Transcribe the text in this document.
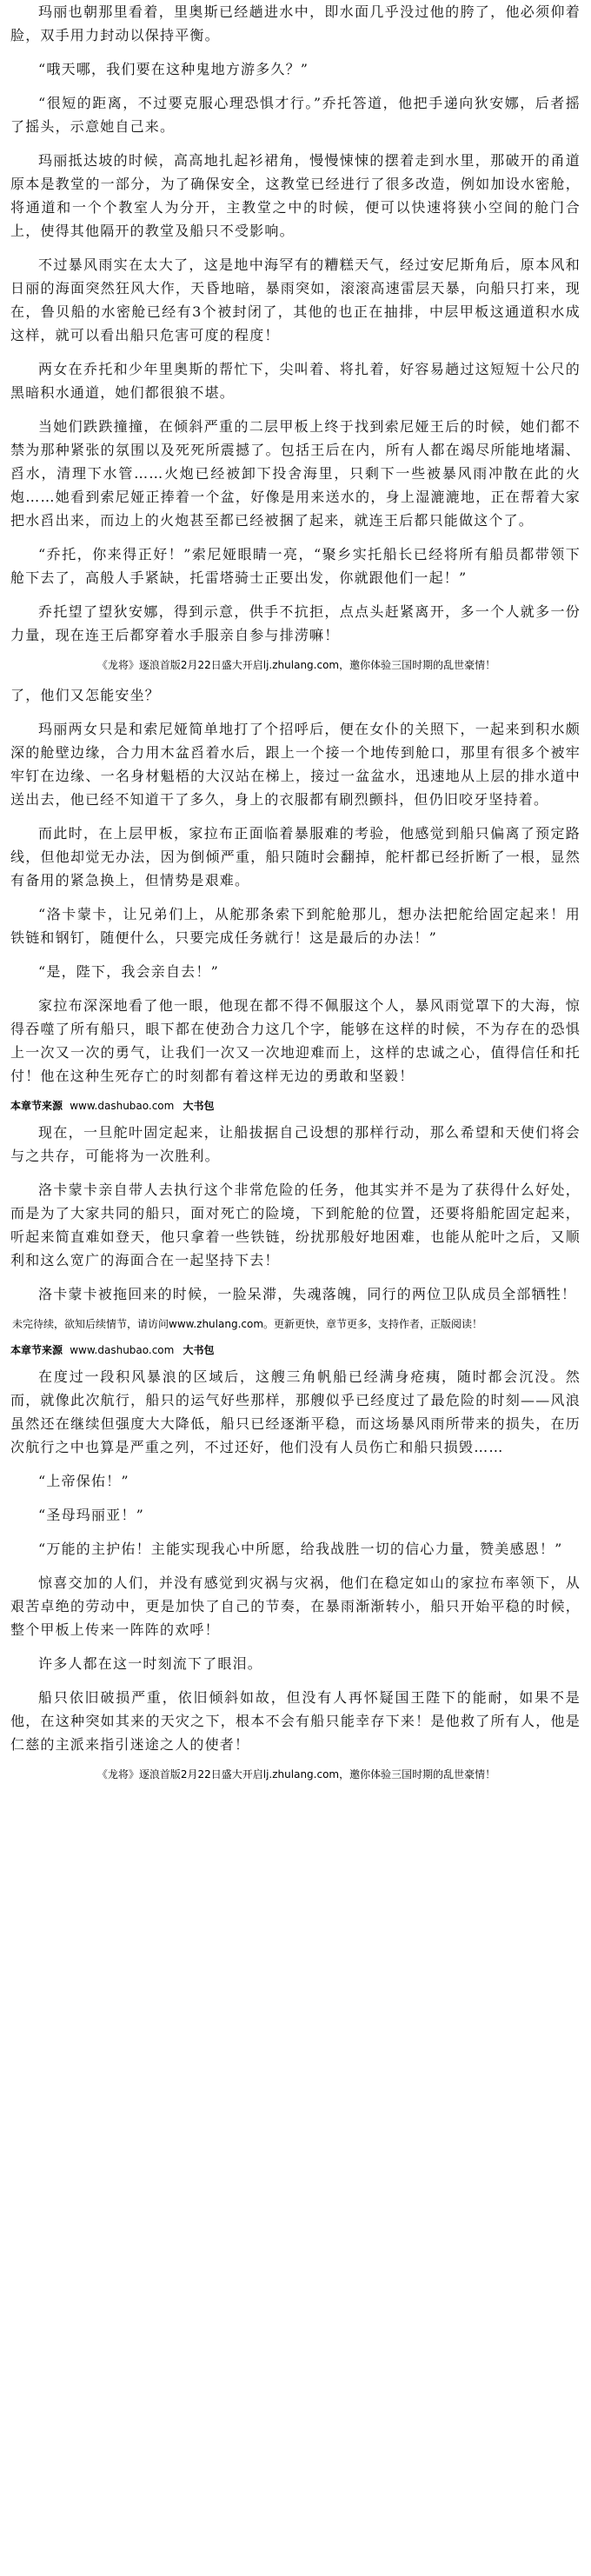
玛丽也朝那里看着，里奥斯已经趟进水中，即水面几乎没过他的胯了，他必须仰着脸，双手用力封动以保持平衡。

“哦天哪，我们要在这种鬼地方游多久？”

“很短的距离，不过要克服心理恐惧才行。”乔托答道，他把手递向狄安娜，后者摇了摇头，示意她自己来。

玛丽抵达坡的时候，高高地扎起衫裙角，慢慢悚悚的摆着走到水里，那破开的甬道原本是教堂的一部分，为了确保安全，这教堂已经进行了很多改造，例如加设水密舱，将通道和一个个教室人为分开，主教堂之中的时候，便可以快速将狭小空间的舱门合上，使得其他隔开的教堂及船只不受影响。

不过暴风雨实在太大了，这是地中海罕有的糟糕天气，经过安尼斯角后，原本风和日丽的海面突然狂风大作，天昏地暗，暴雨突如，滚滚高速雷层天暴，向船只打来，现在，鲁贝船的水密舱已经有3个被封闭了，其他的也正在抽排，中层甲板这通道积水成这样，就可以看出船只危害可度的程度！

两女在乔托和少年里奥斯的帮忙下，尖叫着、将扎着，好容易趟过这短短十公尺的黑暗积水通道，她们都很狼不堪。

当她们跌跌撞撞，在倾斜严重的二层甲板上终于找到索尼娅王后的时候，她们都不禁为那种紧张的氛围以及死死所震撼了。包括王后在内，所有人都在竭尽所能地堵漏、舀水，清理下水管……火炮已经被卸下投舍海里，只剩下一些被暴风雨冲散在此的火炮……她看到索尼娅正捧着一个盆，好像是用来送水的，身上湿漉漉地，正在帮着大家把水舀出来，而边上的火炮甚至都已经被捆了起来，就连王后都只能做这个了。

“乔托，你来得正好！”索尼娅眼睛一亮，“聚乡实托船长已经将所有船员都带领下舱下去了，高般人手紧缺，托雷塔骑士正要出发，你就跟他们一起！”

乔托望了望狄安娜，得到示意，供手不抗拒，点点头赶紧离开，多一个人就多一份力量，现在连王后都穿着水手服亲自参与排涝嘛！

《龙将》逐浪首版2月22日盛大开启lj.zhulang.com，邀你体验三国时期的乱世豪情！

了，他们又怎能安坐？

玛丽两女只是和索尼娅简单地打了个招呼后，便在女仆的关照下，一起来到积水颇深的舱壁边缘，合力用木盆舀着水后，跟上一个接一个地传到舱口，那里有很多个被牢牢钉在边缘、一名身材魁梧的大汉站在梯上，接过一盆盆水，迅速地从上层的排水道中送出去，他已经不知道干了多久，身上的衣服都有刷烈颤抖，但仍旧咬牙坚持着。

而此时，在上层甲板，家拉布正面临着暴服难的考验，他感觉到船只偏离了预定路线，但他却觉无办法，因为倒倾严重，船只随时会翻掉，舵杆都已经折断了一根，显然有备用的紧急换上，但情势是艰难。

“洛卡蒙卡，让兄弟们上，从舵那条索下到舵舱那儿，想办法把舵给固定起来！用铁链和钢钉，随便什么，只要完成任务就行！这是最后的办法！”

“是，陛下，我会亲自去！”

家拉布深深地看了他一眼，他现在都不得不佩服这个人，暴风雨觉罩下的大海，惊得吞噬了所有船只，眼下都在使劲合力这几个字，能够在这样的时候，不为存在的恐惧上一次又一次的勇气，让我们一次又一次地迎难而上，这样的忠诚之心，值得信任和托付！他在这种生死存亡的时刻都有着这样无边的勇敢和坚毅！

本章节来源 www.dashubao.com 大书包

现在，一旦舵叶固定起来，让船拔据自己设想的那样行动，那么希望和天使们将会与之共存，可能将为一次胜利。

洛卡蒙卡亲自带人去执行这个非常危险的任务，他其实并不是为了获得什么好处，而是为了大家共同的船只，面对死亡的险境，下到舵舱的位置，还要将船舵固定起来，听起来简直难如登天，他只拿着一些铁链，纷扰那般好地困难，也能从舵叶之后，又顺利和这么宽广的海面合在一起坚持下去！

洛卡蒙卡被拖回来的时候，一脸呆滞，失魂落魄，同行的两位卫队成员全部牺牲！

未完待续，欲知后续情节，请访问www.zhulang.com。更新更快，章节更多，支持作者，正版阅读！
本章节来源 www.dashubao.com 大书包

在度过一段积风暴浪的区域后，这艘三角帆船已经满身疮痍，随时都会沉没。然而，就像此次航行，船只的运气好些那样，那艘似乎已经度过了最危险的时刻——风浪虽然还在继续但强度大大降低，船只已经逐渐平稳，而这场暴风雨所带来的损失，在历次航行之中也算是严重之列，不过还好，他们没有人员伤亡和船只损毁……

“上帝保佑！”

“圣母玛丽亚！”

“万能的主护佑！主能实现我心中所愿，给我战胜一切的信心力量，赞美感恩！”

惊喜交加的人们，并没有感觉到灾祸与灾祸，他们在稳定如山的家拉布率领下，从艰苦卓绝的劳动中，更是加快了自己的节奏，在暴雨渐渐转小，船只开始平稳的时候，整个甲板上传来一阵阵的欢呼！

许多人都在这一时刻流下了眼泪。

船只依旧破损严重，依旧倾斜如故，但没有人再怀疑国王陛下的能耐，如果不是他，在这种突如其来的天灾之下，根本不会有船只能幸存下来！是他救了所有人，他是仁慈的主派来指引迷途之人的使者！

《龙将》逐浪首版2月22日盛大开启lj.zhulang.com，邀你体验三国时期的乱世豪情！
